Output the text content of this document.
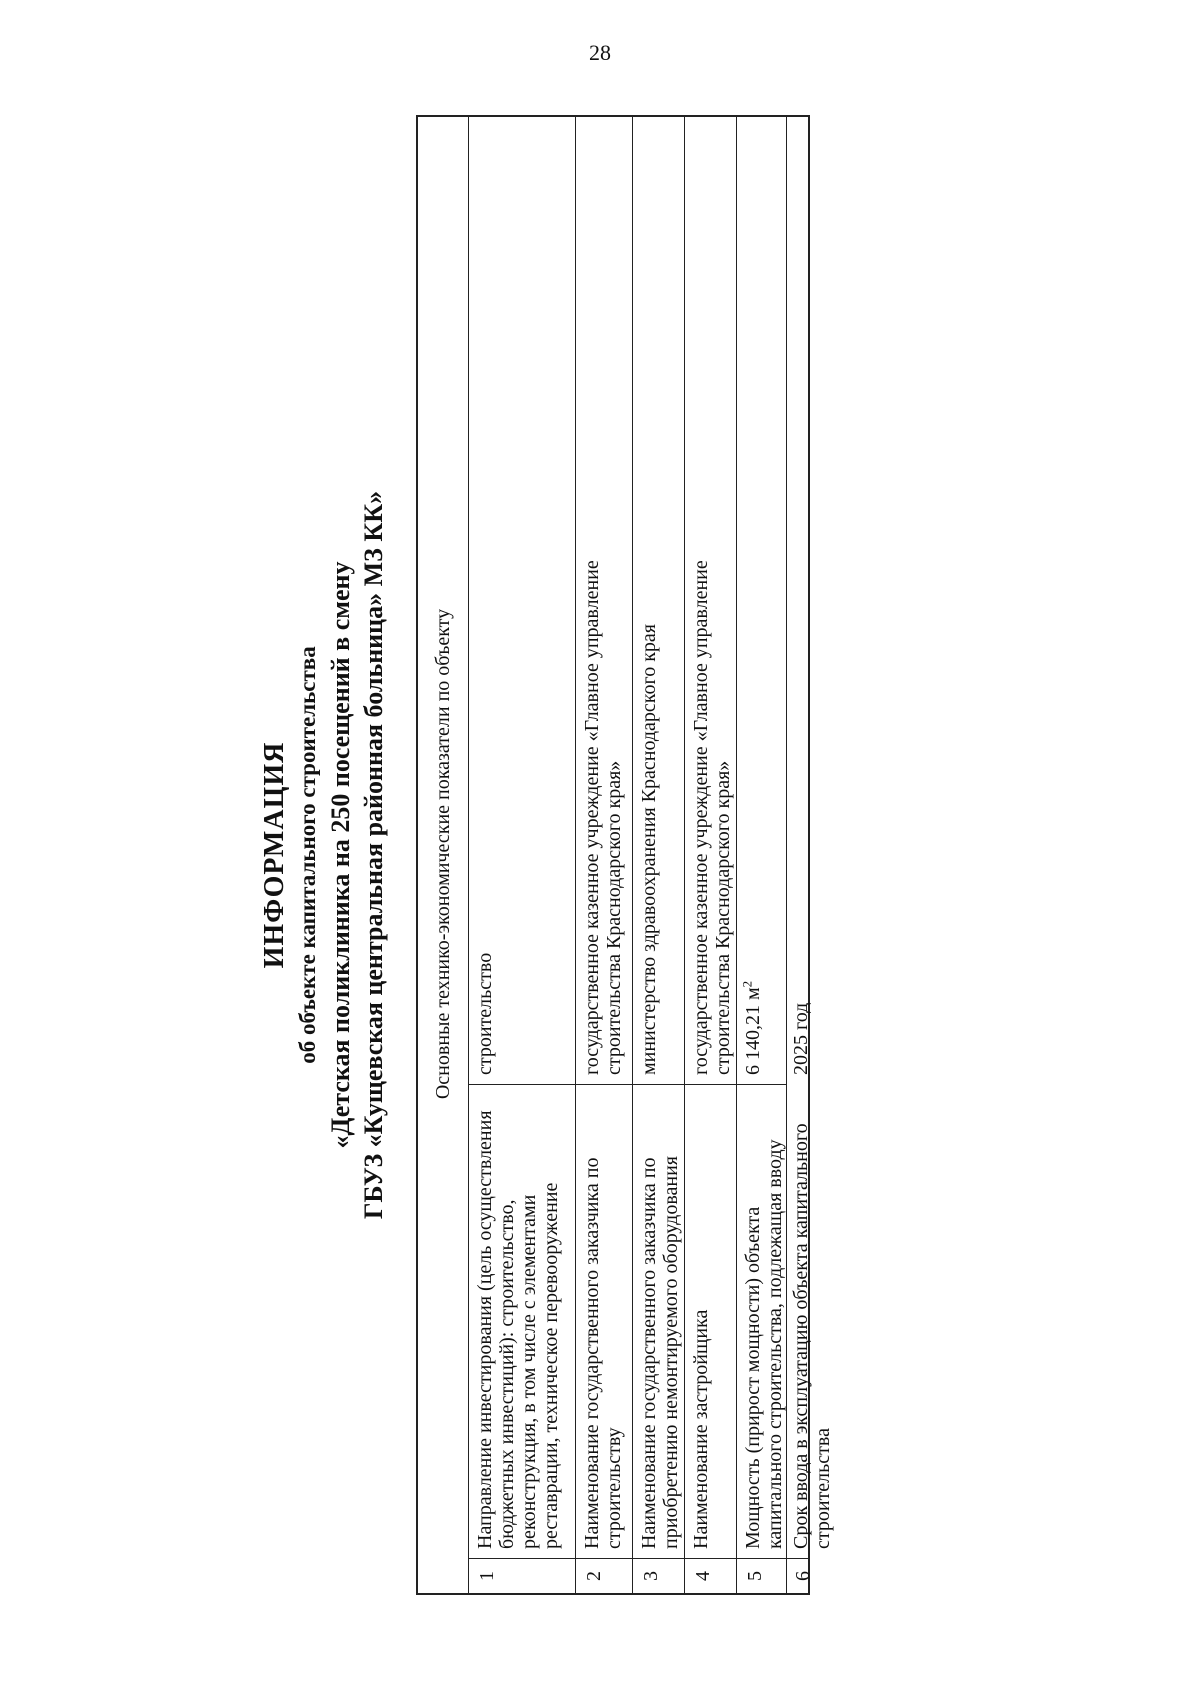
28
ИНФОРМАЦИЯ об объекте капитального строительства «Детская поликлиника на 250 посещений в смену ГБУЗ «Кущевская центральная районная больница» МЗ КК» Основные технико-экономические показатели по объекту
1
Направление инвестирования (цель осуществления бюджетных инвестиций): строительство, реконструкция, в том числе с элементами реставрации, техническое перевооружение
строительство
2
Наименование государственного заказчика по строительству
государственное казенное учреждение «Главное управление строительства Краснодарского края»
3
Наименование государственного заказчика по приобретению немонтируемого оборудования
министерство здравоохранения Краснодарского края
4
Наименование застройщика
государственное казенное учреждение «Главное управление строительства Краснодарского края»
5
Мощность (прирост мощности) объекта капитального строительства, подлежащая вводу
6 140,21 $м^2$
6
Срок ввода в эксплуатацию объекта капитального строительства
2025 год
